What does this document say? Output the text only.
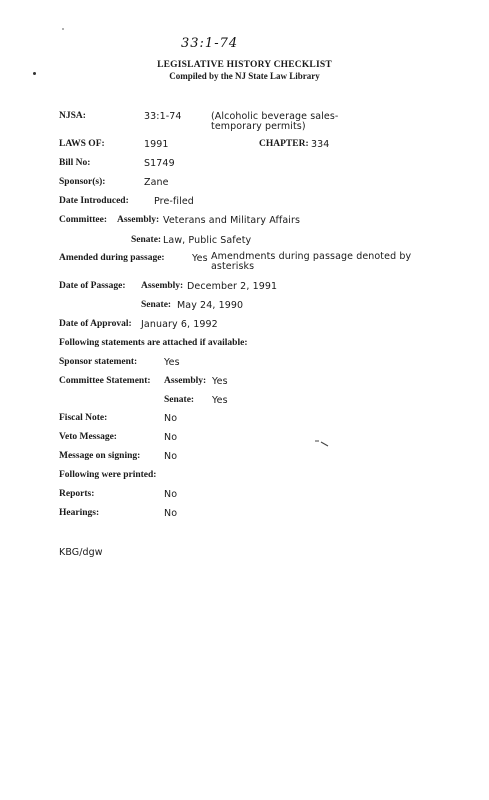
33:1-74
LEGISLATIVE HISTORY CHECKLIST
Compiled by the NJ State Law Library
NJSA:	33:1-74	(Alcoholic beverage sales-
temporary permits)
LAWS OF:	1991	CHAPTER: 334
Bill No:	S1749
Sponsor(s):	Zane
Date Introduced:	Pre-filed
Committee: Assembly: Veterans and Military Affairs
Senate: Law, Public Safety
Amended during passage:	Yes Amendments during passage denoted by
asterisks
Date of Passage: Assembly: December 2, 1991
Senate: May 24, 1990
Date of Approval: January 6, 1992
Following statements are attached if available:
Sponsor statement:	Yes
Committee Statement: Assembly: Yes
Senate: Yes
Fiscal Note:	No
Veto Message:	No
Message on signing: No
Following were printed:
Reports:	No
Hearings:	No
KBG/dgw
